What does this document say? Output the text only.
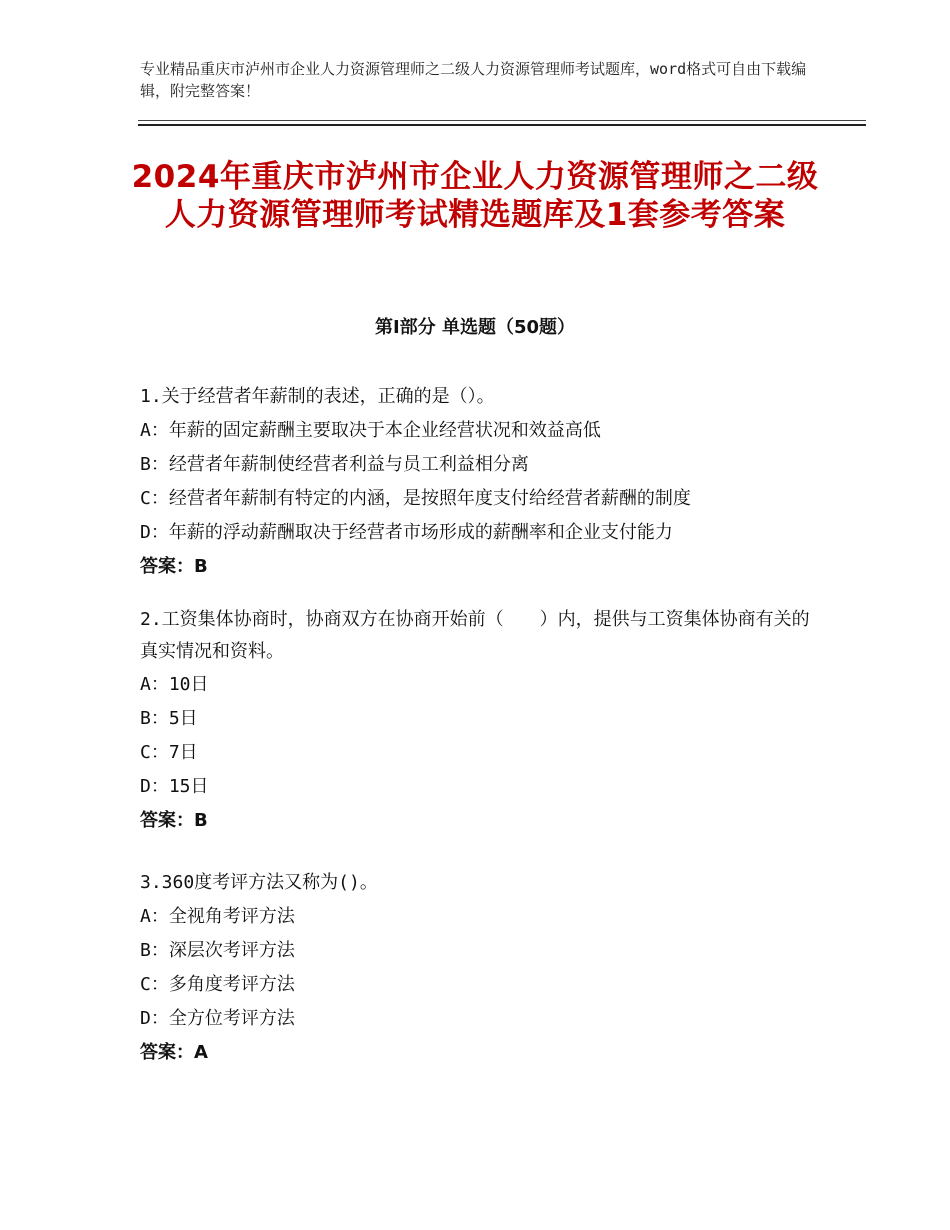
专业精品重庆市泸州市企业人力资源管理师之二级人力资源管理师考试题库，word格式可自由下载编辑，附完整答案！
2024年重庆市泸州市企业人力资源管理师之二级人力资源管理师考试精选题库及1套参考答案
第Ⅰ部分 单选题（50题）

1.关于经营者年薪制的表述，正确的是（）。

A：年薪的固定薪酬主要取决于本企业经营状况和效益高低

B：经营者年薪制使经营者利益与员工利益相分离

C：经营者年薪制有特定的内涵，是按照年度支付给经营者薪酬的制度

D：年薪的浮动薪酬取决于经营者市场形成的薪酬率和企业支付能力

答案：B

2.工资集体协商时，协商双方在协商开始前（　　）内，提供与工资集体协商有关的真实情况和资料。

A：10日

B：5日

C：7日

D：15日

答案：B

3.360度考评方法又称为()。

A：全视角考评方法

B：深层次考评方法

C：多角度考评方法

D：全方位考评方法

答案：A
